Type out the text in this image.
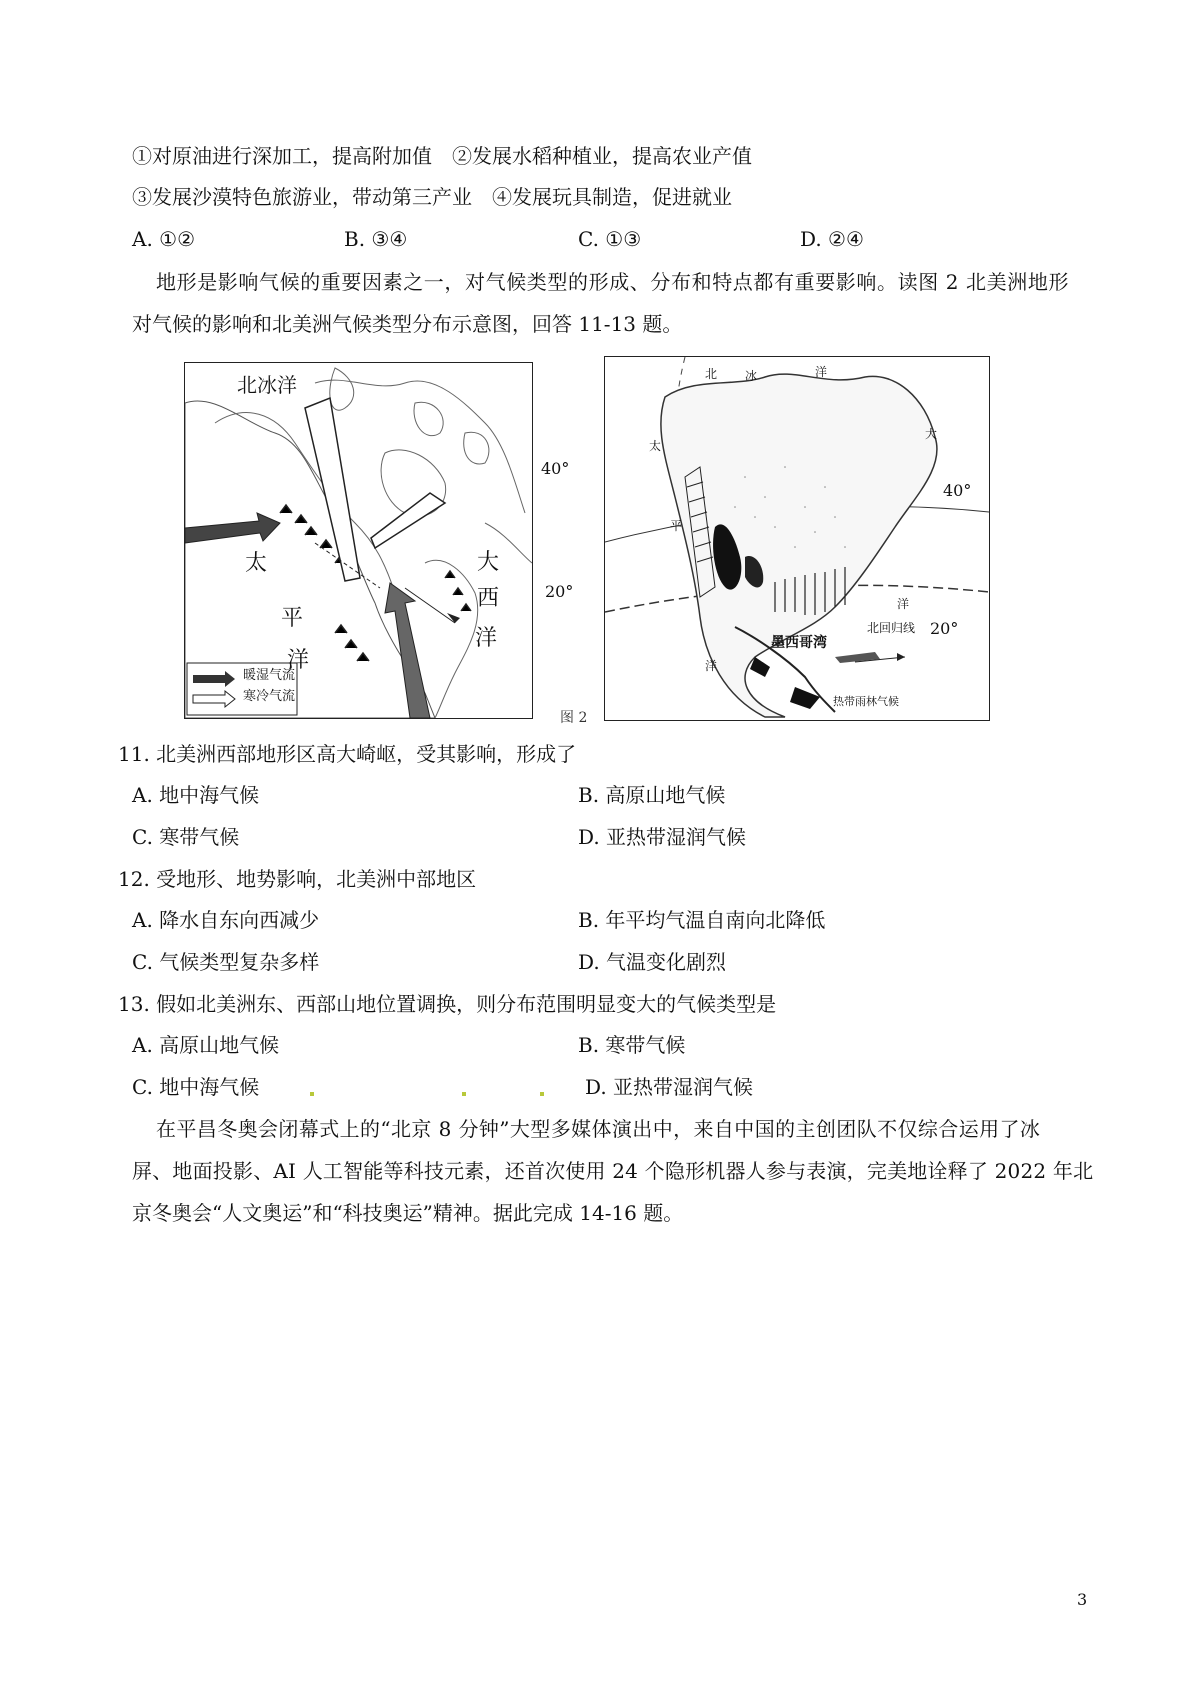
①对原油进行深加工，提高附加值　②发展水稻种植业，提高农业产值
③发展沙漠特色旅游业，带动第三产业　④发展玩具制造，促进就业
A. ①②	B. ③④	C. ①③	D. ②④
地形是影响气候的重要因素之一，对气候类型的形成、分布和特点都有重要影响。读图 2 北美洲地形
对气候的影响和北美洲气候类型分布示意图，回答 11-13 题。
北冰洋
太
平
洋
大
西
洋
暖湿气流
寒冷气流
图 2
40°
40°
20°
20°
墨西哥湾
北回归线
北 冰	洋
大
洋
太
平
洋
热带雨林气候
11. 北美洲西部地形区高大崎岖，受其影响，形成了
A. 地中海气候	B. 高原山地气候
C. 寒带气候	D. 亚热带湿润气候
12. 受地形、地势影响，北美洲中部地区
A. 降水自东向西减少	B. 年平均气温自南向北降低
C. 气候类型复杂多样	D. 气温变化剧烈
13. 假如北美洲东、西部山地位置调换，则分布范围明显变大的气候类型是
A. 高原山地气候	B. 寒带气候
C. 地中海气候	D. 亚热带湿润气候
在平昌冬奥会闭幕式上的“北京 8 分钟”大型多媒体演出中，来自中国的主创团队不仅综合运用了冰
屏、地面投影、AI 人工智能等科技元素，还首次使用 24 个隐形机器人参与表演，完美地诠释了 2022 年北
京冬奥会“人文奥运”和“科技奥运”精神。据此完成 14-16 题。
3
